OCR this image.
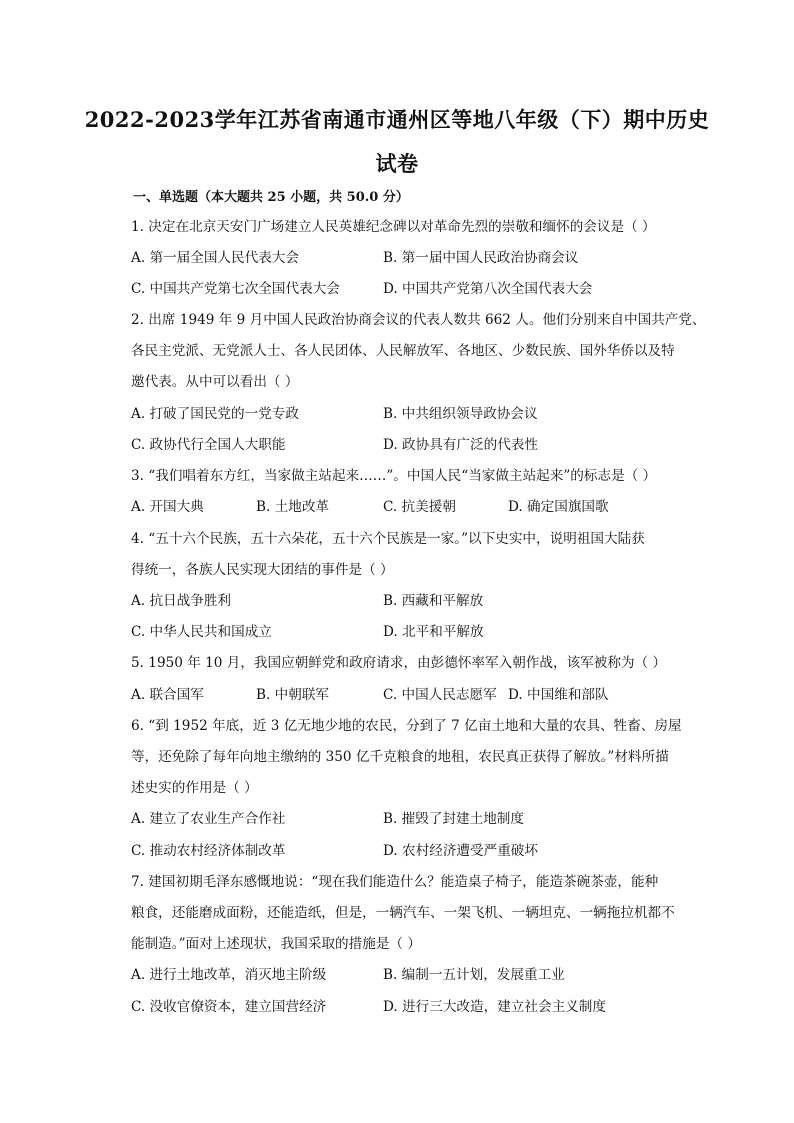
2022-2023学年江苏省南通市通州区等地八年级（下）期中历史
试卷
一、单选题（本大题共 25 小题，共 50.0 分）
1. 决定在北京天安门广场建立人民英雄纪念碑以对革命先烈的崇敬和缅怀的会议是（ ）
A. 第一届全国人民代表大会	B. 第一届中国人民政治协商会议
C. 中国共产党第七次全国代表大会	D. 中国共产党第八次全国代表大会
2. 出席 1949 年 9 月中国人民政治协商会议的代表人数共 662 人。他们分别来自中国共产党、
各民主党派、无党派人士、各人民团体、人民解放军、各地区、少数民族、国外华侨以及特
邀代表。从中可以看出（ ）
A. 打破了国民党的一党专政	B. 中共组织领导政协会议
C. 政协代行全国人大职能	D. 政协具有广泛的代表性
3. “我们唱着东方红，当家做主站起来……”。中国人民“当家做主站起来”的标志是（ ）
A. 开国大典	B. 土地改革	C. 抗美援朝	D. 确定国旗国歌
4. “五十六个民族，五十六朵花，五十六个民族是一家。”以下史实中，说明祖国大陆获
得统一，各族人民实现大团结的事件是（ ）
A. 抗日战争胜利	B. 西藏和平解放
C. 中华人民共和国成立	D. 北平和平解放
5. 1950 年 10 月，我国应朝鲜党和政府请求，由彭德怀率军入朝作战，该军被称为（ ）
A. 联合国军	B. 中朝联军	C. 中国人民志愿军 D. 中国维和部队
6. “到 1952 年底，近 3 亿无地少地的农民，分到了 7 亿亩土地和大量的农具、牲畜、房屋
等，还免除了每年向地主缴纳的 350 亿千克粮食的地租，农民真正获得了解放。”材料所描
述史实的作用是（ ）
A. 建立了农业生产合作社	B. 摧毁了封建土地制度
C. 推动农村经济体制改革	D. 农村经济遭受严重破坏
7. 建国初期毛泽东感慨地说：“现在我们能造什么？能造桌子椅子，能造茶碗茶壶，能种
粮食，还能磨成面粉，还能造纸，但是，一辆汽车、一架飞机、一辆坦克、一辆拖拉机都不
能制造。”面对上述现状，我国采取的措施是（ ）
A. 进行土地改革，消灭地主阶级	B. 编制一五计划，发展重工业
C. 没收官僚资本，建立国营经济	D. 进行三大改造，建立社会主义制度
